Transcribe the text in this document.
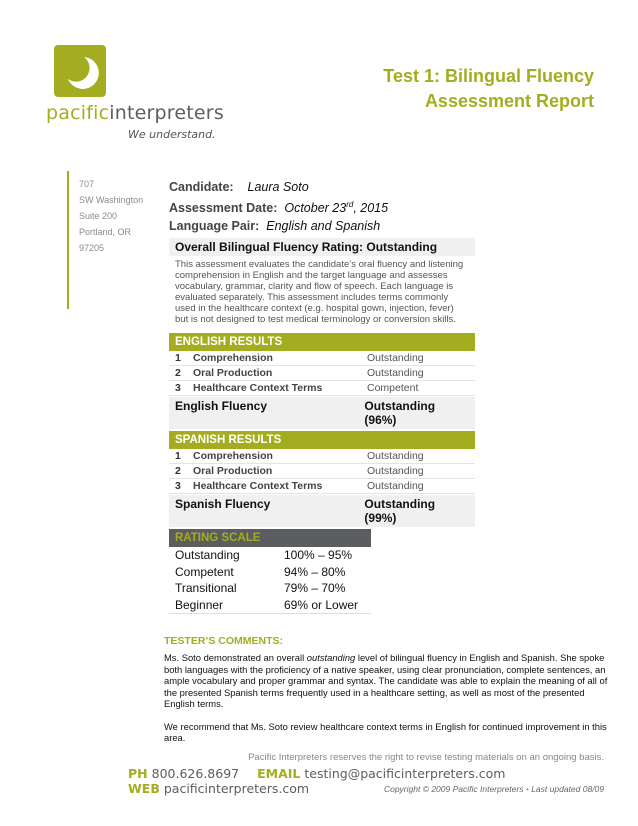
pacificinterpreters
We understand.
Test 1: Bilingual Fluency
Assessment Report
707
SW Washington
Suite 200
Portland, OR
97205
Candidate: Laura Soto
Assessment Date: October 23rd, 2015
Language Pair: English and Spanish
Overall Bilingual Fluency Rating: Outstanding
This assessment evaluates the candidate’s oral fluency and listening comprehension in English and the target language and assesses vocabulary, grammar, clarity and flow of speech. Each language is evaluated separately. This assessment includes terms commonly used in the healthcare context (e.g. hospital gown, injection, fever) but is not designed to test medical terminology or conversion skills.
ENGLISH RESULTS
1	Comprehension	Outstanding
2	Oral Production	Outstanding
3	Healthcare Context Terms	Competent
English Fluency	Outstanding (96%)
SPANISH RESULTS
1	Comprehension	Outstanding
2	Oral Production	Outstanding
3	Healthcare Context Terms	Outstanding
Spanish Fluency	Outstanding (99%)
RATING SCALE
Outstanding	100% – 95%
Competent	94% – 80%
Transitional	79% – 70%
Beginner	69% or Lower
TESTER’S COMMENTS:

Ms. Soto demonstrated an overall outstanding level of bilingual fluency in English and Spanish. She spoke both languages with the proficiency of a native speaker, using clear pronunciation, complete sentences, an ample vocabulary and proper grammar and syntax. The candidate was able to explain the meaning of all of the presented Spanish terms frequently used in a healthcare setting, as well as most of the presented English terms.

We recommend that Ms. Soto review healthcare context terms in English for continued improvement in this area.

Pacific Interpreters reserves the right to revise testing materials on an ongoing basis.
PH 800.626.8697 EMAIL testing@pacificinterpreters.com WEB pacificinterpreters.com	Copyright © 2009 Pacific Interpreters • Last updated 08/09
